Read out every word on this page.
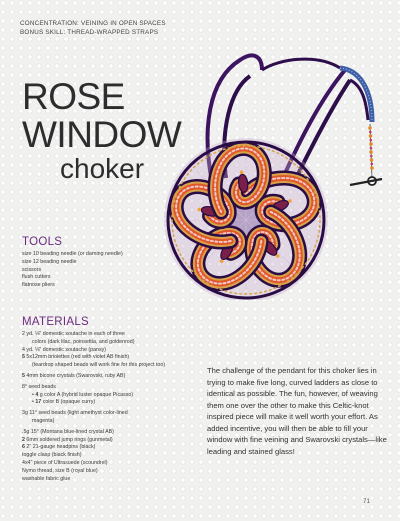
CONCENTRATION: VEINING IN OPEN SPACES
BONUS SKILL: THREAD-WRAPPED STRAPS
ROSE
WINDOW
choker
TOOLS
size 10 beading needle (or darning needle)
size 12 beading needle
scissors
flush cutters
flatnose pliers
MATERIALS
2 yd. ⅛" domestic soutache in each of three
colors (dark lilac, poinsettia, and goldenrod)
4 yd. ⅛" domestic soutache (pansy)
5 5x12mm briolettes (red with violet AB finish)
(teardrop shaped beads will work fine for this project too)
5 4mm bicone crystals (Swarovski, ruby AB)
8° seed beads
• 4 g color A (hybrid luster opaque Picasso)
• 17 color B (opaque curry)
3g 11° seed beads (light amethyst color-lined
magenta)
.5g 15° (Montana blue-lined crystal AB)
2 6mm soldered jump rings (gunmetal)
6 2" 21-gauge headpins (black)
toggle clasp (black finish)
4x4" piece of Ultrasuede (scoundrel)
Nymo thread, size B (royal blue)
washable fabric glue
The challenge of the pendant for this choker lies in trying to make five long, curved ladders as close to identical as possible. The fun, however, of weaving them one over the other to make this Celtic-knot inspired piece will make it well worth your effort. As added incentive, you will then be able to fill your window with fine veining and Swarovski crystals—like leading and stained glass!
71
